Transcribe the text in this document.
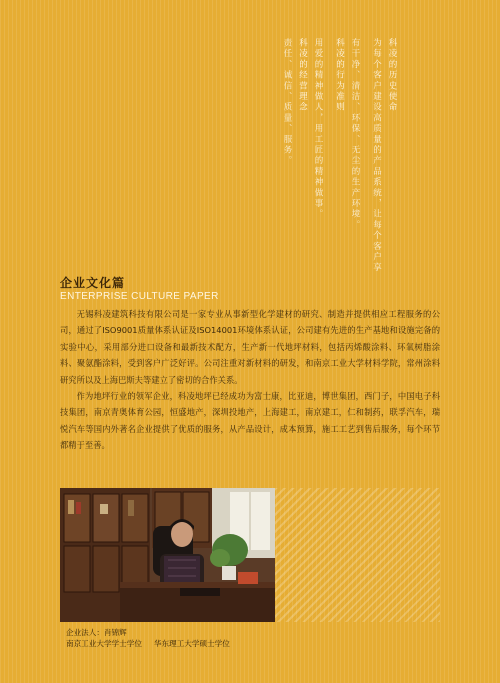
科凌的历史使命
为每个客户建设高质量的产品系统，让每个客户享
有干净、清洁、环保、无尘的生产环境。
科凌的行为准则
用爱的精神做人，用工匠的精神做事。
科凌的经营理念
责任、诚信、质量、服务。
企业文化篇
ENTERPRISE CULTURE PAPER

无锡科凌建筑科技有限公司是一家专业从事新型化学建材的研究、制造并提供相应工程服务的公司，通过了ISO9001质量体系认证及ISO14001环境体系认证，公司建有先进的生产基地和设施完备的实验中心，采用部分进口设备和最新技术配方，生产新一代地坪材料，包括丙烯酸涂料、环氧树脂涂料、聚氨酯涂料，受到客户广泛好评。公司注重对新材料的研发，和南京工业大学材料学院，常州涂料研究所以及上海巴斯夫等建立了密切的合作关系。

作为地坪行业的领军企业，科凌地坪已经成功为富士康，比亚迪，博世集团，西门子，中国电子科技集团，南京青奥体育公园，恒盛地产，深圳投地产，上海建工，南京建工，仁和制药，联孚汽车，瑞悦汽车等国内外著名企业提供了优质的服务，从产品设计，成本预算，施工工艺到售后服务，每个环节都精于至善。

企业法人：肖锦辉
南京工业大学学士学位 华东理工大学硕士学位
